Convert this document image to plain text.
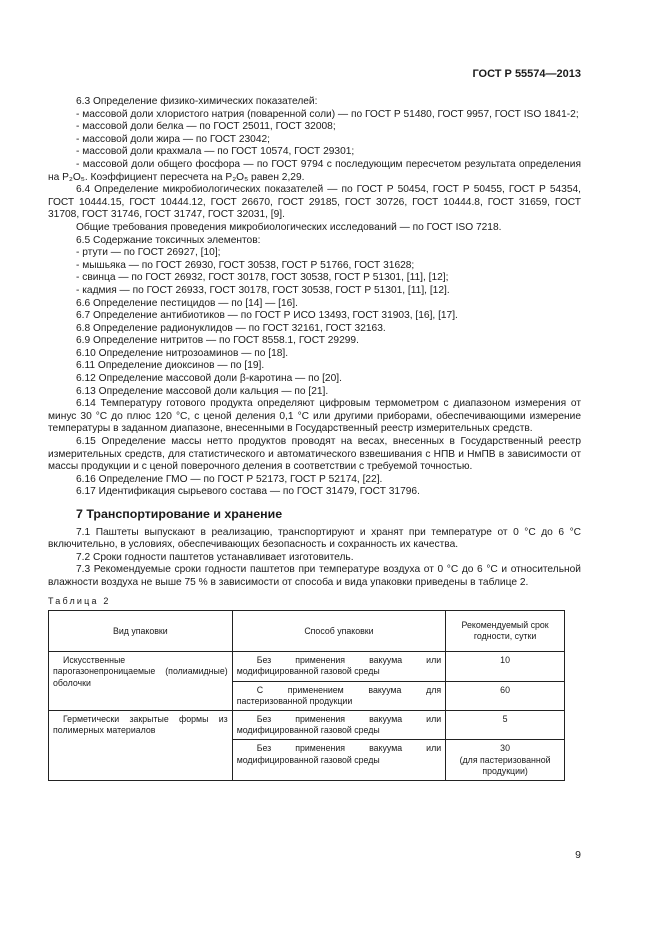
ГОСТ Р 55574—2013

6.3 Определение физико-химических показателей:

- массовой доли хлористого натрия (поваренной соли) — по ГОСТ Р 51480, ГОСТ 9957, ГОСТ ISO 1841-2;

- массовой доли белка — по ГОСТ 25011, ГОСТ 32008;

- массовой доли жира — по ГОСТ 23042;

- массовой доли крахмала — по ГОСТ 10574, ГОСТ 29301;

- массовой доли общего фосфора — по ГОСТ 9794 с последующим пересчетом результата определения на P₂O₅. Коэффициент пересчета на P₂O₅ равен 2,29.

6.4 Определение микробиологических показателей — по ГОСТ Р 50454, ГОСТ Р 50455, ГОСТ Р 54354, ГОСТ 10444.15, ГОСТ 10444.12, ГОСТ 26670, ГОСТ 29185, ГОСТ 30726, ГОСТ 10444.8, ГОСТ 31659, ГОСТ 31708, ГОСТ 31746, ГОСТ 31747, ГОСТ 32031, [9].

Общие требования проведения микробиологических исследований — по ГОСТ ISO 7218.

6.5 Содержание токсичных элементов:

- ртути — по ГОСТ 26927, [10];

- мышьяка — по ГОСТ 26930, ГОСТ 30538, ГОСТ Р 51766, ГОСТ 31628;

- свинца — по ГОСТ 26932, ГОСТ 30178, ГОСТ 30538, ГОСТ Р 51301, [11], [12];

- кадмия — по ГОСТ 26933, ГОСТ 30178, ГОСТ 30538, ГОСТ Р 51301, [11], [12].

6.6 Определение пестицидов — по [14] — [16].

6.7 Определение антибиотиков — по ГОСТ Р ИСО 13493, ГОСТ 31903, [16], [17].

6.8 Определение радионуклидов — по ГОСТ 32161, ГОСТ 32163.

6.9 Определение нитритов — по ГОСТ 8558.1, ГОСТ 29299.

6.10 Определение нитрозоаминов — по [18].

6.11 Определение диоксинов — по [19].

6.12 Определение массовой доли β-каротина — по [20].

6.13 Определение массовой доли кальция — по [21].

6.14 Температуру готового продукта определяют цифровым термометром с диапазоном измерения от минус 30 °С до плюс 120 °С, с ценой деления 0,1 °С или другими приборами, обеспечивающими измерение температуры в заданном диапазоне, внесенными в Государственный реестр измерительных средств.

6.15 Определение массы нетто продуктов проводят на весах, внесенных в Государственный реестр измерительных средств, для статистического и автоматического взвешивания с НПВ и НмПВ в зависимости от массы продукции и с ценой поверочного деления в соответствии с требуемой точностью.

6.16 Определение ГМО — по ГОСТ Р 52173, ГОСТ Р 52174, [22].

6.17 Идентификация сырьевого состава — по ГОСТ 31479, ГОСТ 31796.

7 Транспортирование и хранение

7.1 Паштеты выпускают в реализацию, транспортируют и хранят при температуре от 0 °С до 6 °С включительно, в условиях, обеспечивающих безопасность и сохранность их качества.

7.2 Сроки годности паштетов устанавливает изготовитель.

7.3 Рекомендуемые сроки годности паштетов при температуре воздуха от 0 °С до 6 °С и относительной влажности воздуха не выше 75 % в зависимости от способа и вида упаковки приведены в таблице 2.

Таблица 2

Вид упаковки	Способ упаковки	Рекомендуемый срок годности, сутки
Искусственные парогазонепроницаемые (полиамидные) оболочки	Без применения вакуума или модифицированной газовой среды	10
	С применением вакуума для пастеризованной продукции	60
Герметически закрытые формы из полимерных материалов	Без применения вакуума или модифицированной газовой среды	5
	Без применения вакуума или модифицированной газовой среды	30
(для пастеризованной продукции)
9
